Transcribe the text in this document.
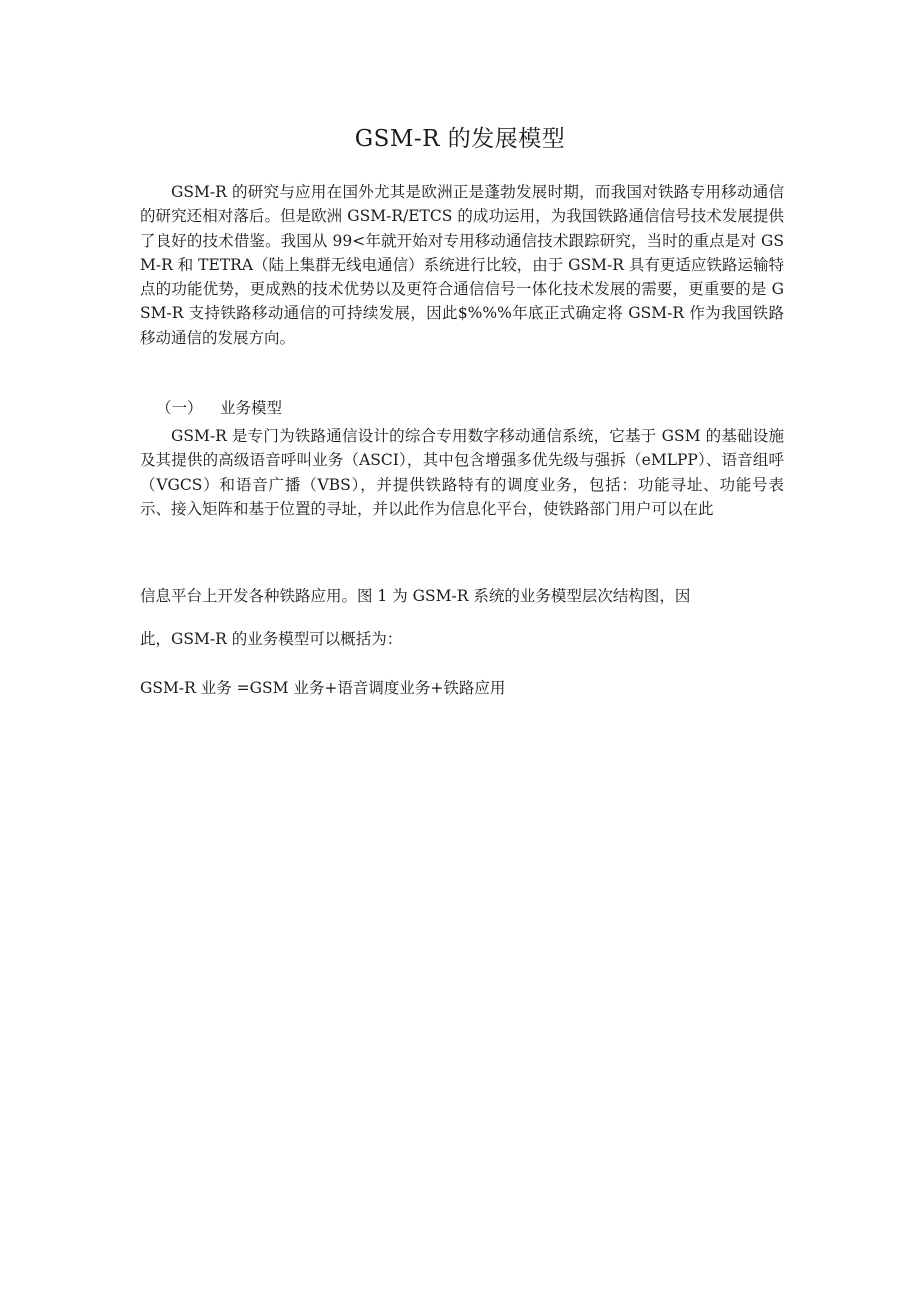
GSM-R 的发展模型

GSM-R 的研究与应用在国外尤其是欧洲正是蓬勃发展时期，而我国对铁路专用移动通信的研究还相对落后。但是欧洲 GSM-R/ETCS 的成功运用，为我国铁路通信信号技术发展提供了良好的技术借鉴。我国从 99<年就开始对专用移动通信技术跟踪研究，当时的重点是对 GSM-R 和 TETRA（陆上集群无线电通信）系统进行比较，由于 GSM-R 具有更适应铁路运输特点的功能优势，更成熟的技术优势以及更符合通信信号一体化技术发展的需要，更重要的是 GSM-R 支持铁路移动通信的可持续发展，因此$%%%年底正式确定将 GSM-R 作为我国铁路移动通信的发展方向。

（一） 业务模型

GSM-R 是专门为铁路通信设计的综合专用数字移动通信系统，它基于 GSM 的基础设施及其提供的高级语音呼叫业务（ASCI），其中包含增强多优先级与强拆（eMLPP）、语音组呼（VGCS）和语音广播（VBS），并提供铁路特有的调度业务，包括：功能寻址、功能号表示、接入矩阵和基于位置的寻址，并以此作为信息化平台，使铁路部门用户可以在此

信息平台上开发各种铁路应用。图 1 为 GSM-R 系统的业务模型层次结构图，因

此，GSM-R 的业务模型可以概括为：

GSM-R 业务 =GSM 业务+语音调度业务+铁路应用
